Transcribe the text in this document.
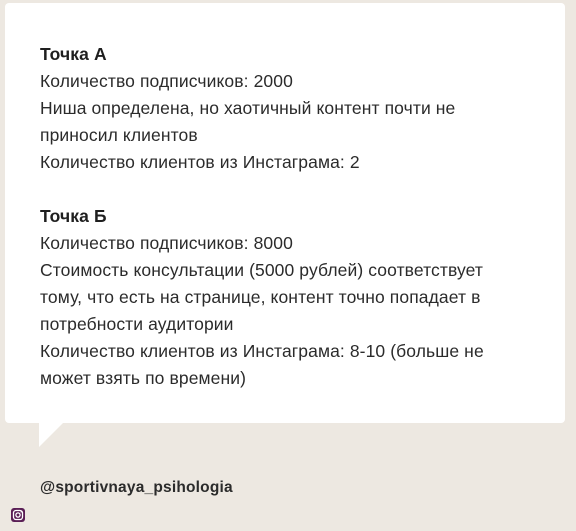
Точка А
Количество подписчиков: 2000
Ниша определена, но хаотичный контент почти не
приносил клиентов
Количество клиентов из Инстаграма: 2
Точка Б
Количество подписчиков: 8000
Стоимость консультации (5000 рублей) соответствует
тому, что есть на странице, контент точно попадает в
потребности аудитории
Количество клиентов из Инстаграма: 8-10 (больше не
может взять по времени)
@sportivnaya_psihologia
